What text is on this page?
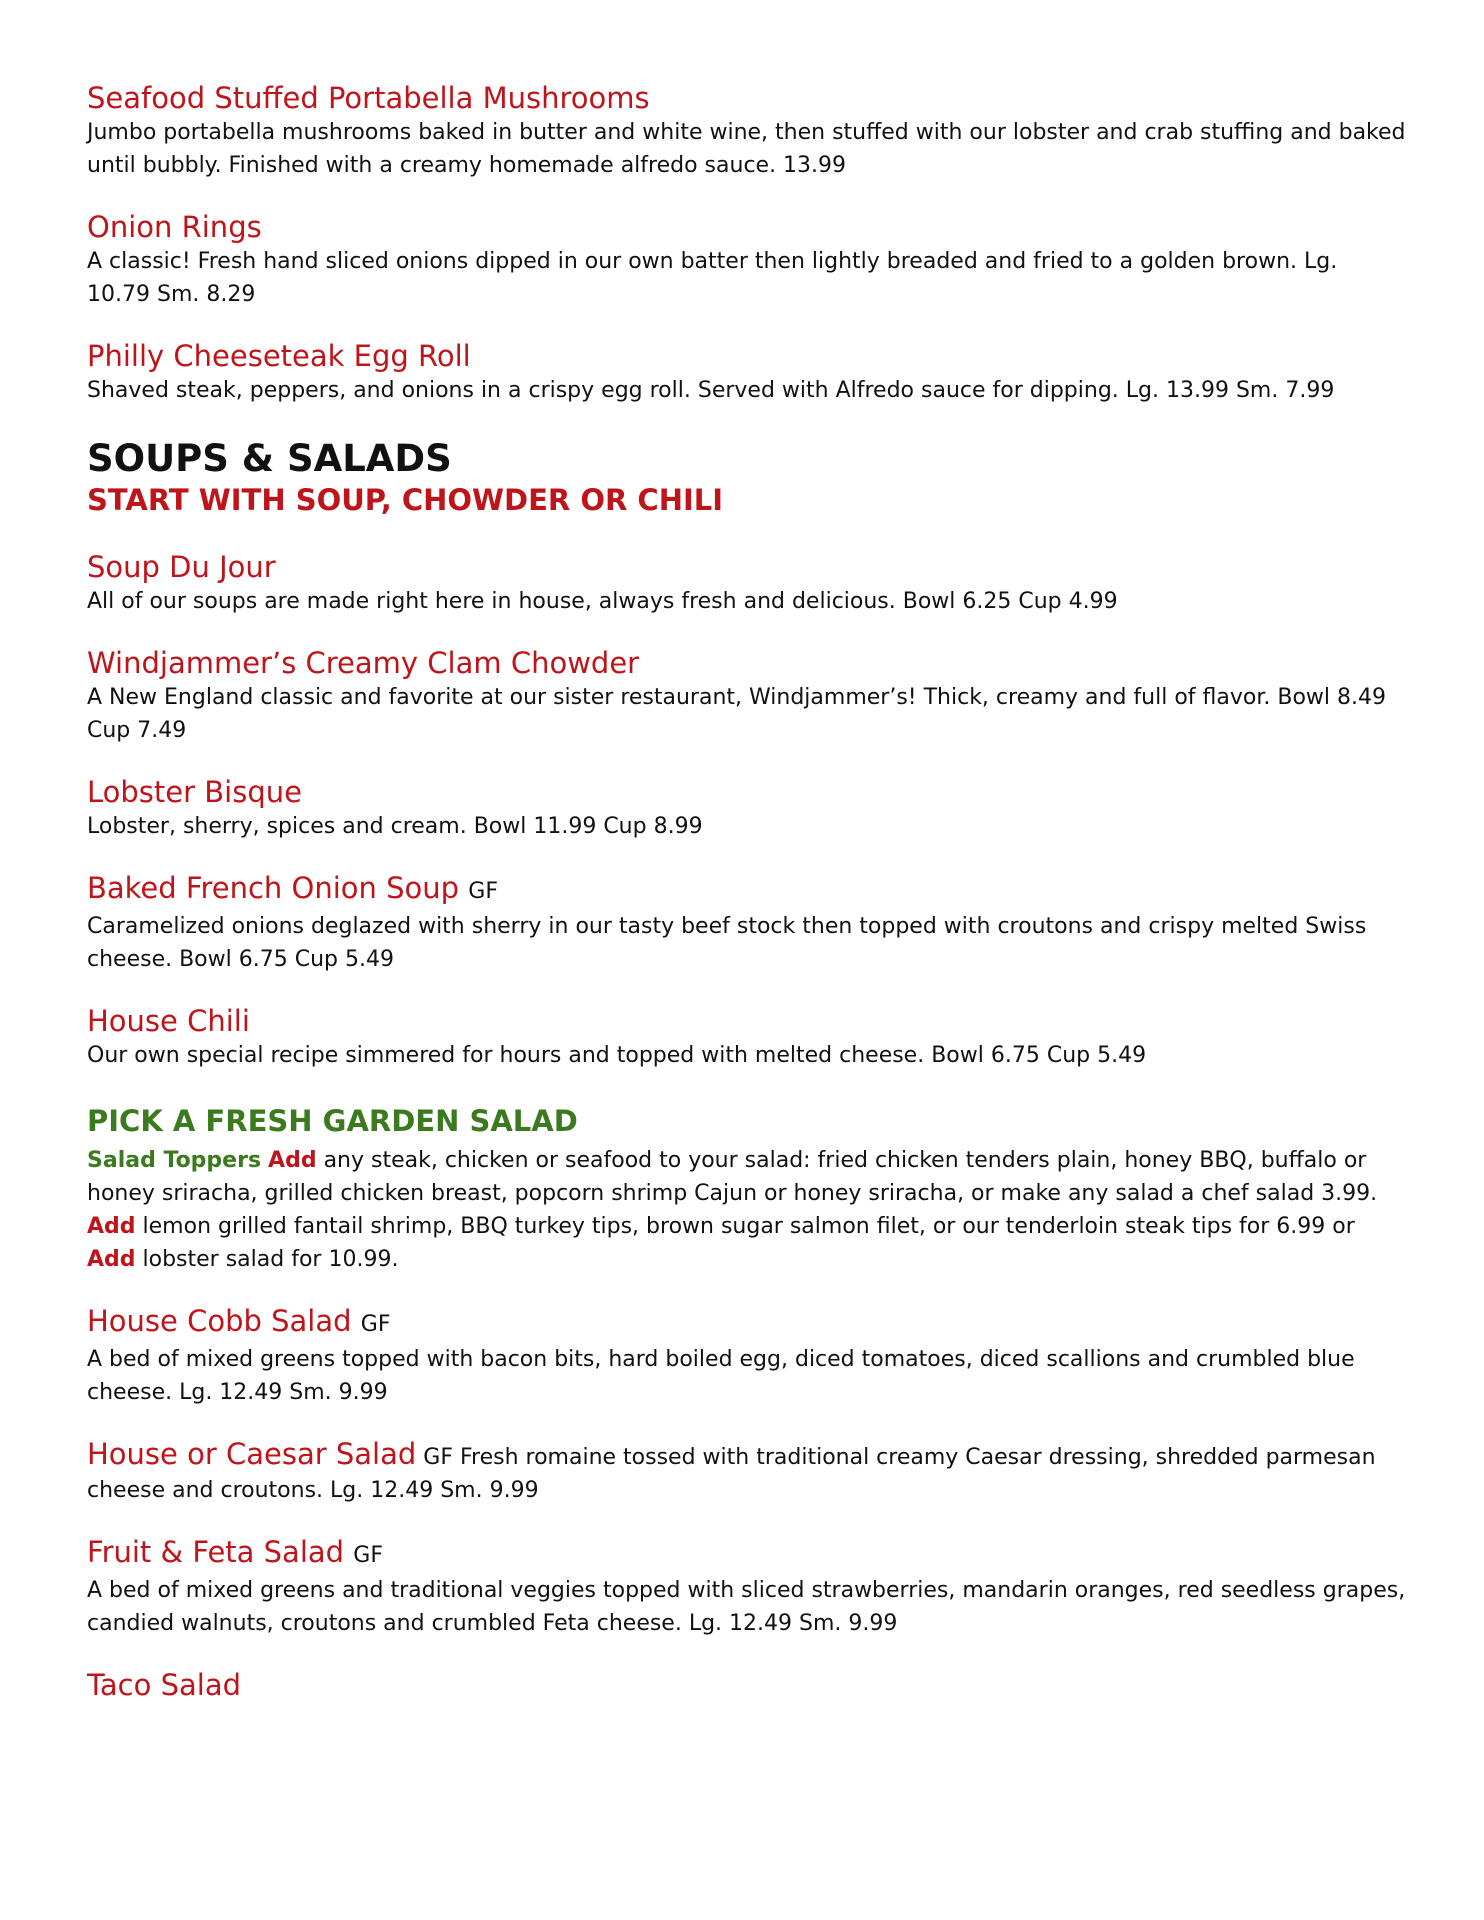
Seafood Stuffed Portabella Mushrooms

Jumbo portabella mushrooms baked in butter and white wine, then stuffed with our lobster and crab stuffing and baked until bubbly. Finished with a creamy homemade alfredo sauce. 13.99

Onion Rings

A classic! Fresh hand sliced onions dipped in our own batter then lightly breaded and fried to a golden brown. Lg. 10.79 Sm. 8.29

Philly Cheeseteak Egg Roll

Shaved steak, peppers, and onions in a crispy egg roll. Served with Alfredo sauce for dipping. Lg. 13.99 Sm. 7.99

SOUPS & SALADS
START WITH SOUP, CHOWDER OR CHILI
Soup Du Jour

All of our soups are made right here in house, always fresh and delicious. Bowl 6.25 Cup 4.99

Windjammer’s Creamy Clam Chowder

A New England classic and favorite at our sister restaurant, Windjammer’s! Thick, creamy and full of flavor. Bowl 8.49 Cup 7.49

Lobster Bisque

Lobster, sherry, spices and cream. Bowl 11.99 Cup 8.99

Baked French Onion Soup GF

Caramelized onions deglazed with sherry in our tasty beef stock then topped with croutons and crispy melted Swiss cheese. Bowl 6.75 Cup 5.49

House Chili

Our own special recipe simmered for hours and topped with melted cheese. Bowl 6.75 Cup 5.49

PICK A FRESH GARDEN SALAD

Salad Toppers Add any steak, chicken or seafood to your salad: fried chicken tenders plain, honey BBQ, buffalo or honey sriracha, grilled chicken breast, popcorn shrimp Cajun or honey sriracha, or make any salad a chef salad 3.99. Add lemon grilled fantail shrimp, BBQ turkey tips, brown sugar salmon filet, or our tenderloin steak tips for 6.99 or Add lobster salad for 10.99.

House Cobb Salad GF

A bed of mixed greens topped with bacon bits, hard boiled egg, diced tomatoes, diced scallions and crumbled blue cheese. Lg. 12.49 Sm. 9.99

House or Caesar Salad GF Fresh romaine tossed with traditional creamy Caesar dressing, shredded parmesan cheese and croutons. Lg. 12.49 Sm. 9.99

Fruit & Feta Salad GF

A bed of mixed greens and traditional veggies topped with sliced strawberries, mandarin oranges, red seedless grapes, candied walnuts, croutons and crumbled Feta cheese. Lg. 12.49 Sm. 9.99

Taco Salad
